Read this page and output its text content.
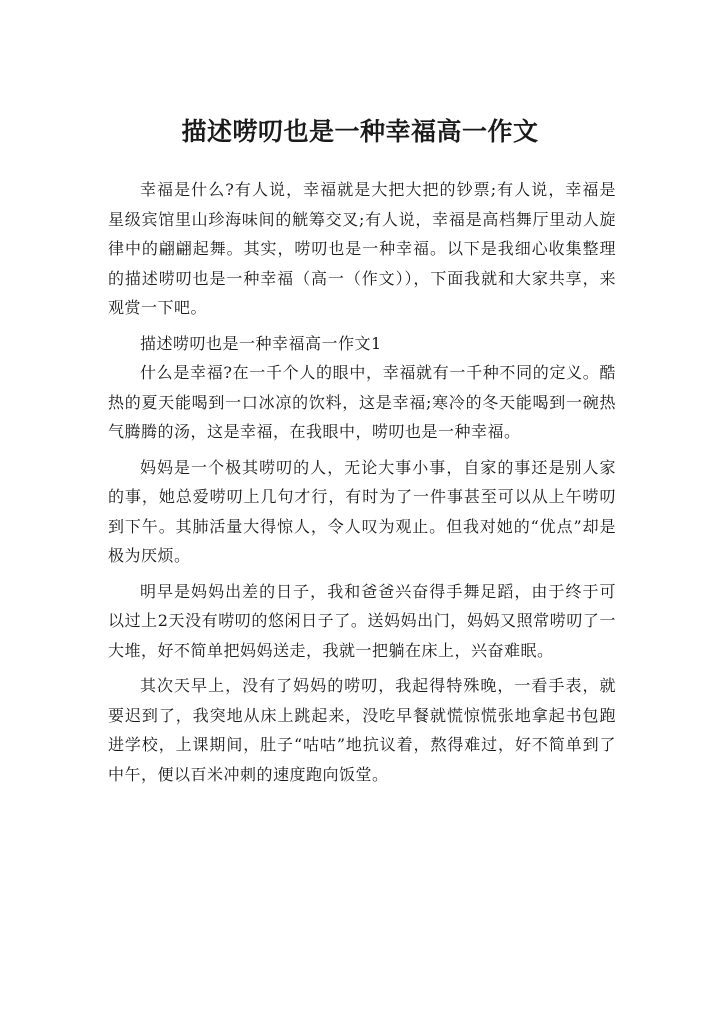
描述唠叨也是一种幸福高一作文

幸福是什么?有人说，幸福就是大把大把的钞票;有人说，幸福是星级宾馆里山珍海味间的觥筹交叉;有人说，幸福是高档舞厅里动人旋律中的翩翩起舞。其实，唠叨也是一种幸福。以下是我细心收集整理的描述唠叨也是一种幸福（高一（作文）），下面我就和大家共享，来观赏一下吧。

描述唠叨也是一种幸福高一作文1

什么是幸福?在一千个人的眼中，幸福就有一千种不同的定义。酷热的夏天能喝到一口冰凉的饮料，这是幸福;寒冷的冬天能喝到一碗热气腾腾的汤，这是幸福，在我眼中，唠叨也是一种幸福。

妈妈是一个极其唠叨的人，无论大事小事，自家的事还是别人家的事，她总爱唠叨上几句才行，有时为了一件事甚至可以从上午唠叨到下午。其肺活量大得惊人，令人叹为观止。但我对她的“优点”却是极为厌烦。

明早是妈妈出差的日子，我和爸爸兴奋得手舞足蹈，由于终于可以过上2天没有唠叨的悠闲日子了。送妈妈出门，妈妈又照常唠叨了一大堆，好不简单把妈妈送走，我就一把躺在床上，兴奋难眠。

其次天早上，没有了妈妈的唠叨，我起得特殊晚，一看手表，就要迟到了，我突地从床上跳起来，没吃早餐就慌惊慌张地拿起书包跑进学校，上课期间，肚子“咕咕”地抗议着，熬得难过，好不简单到了中午，便以百米冲刺的速度跑向饭堂。
